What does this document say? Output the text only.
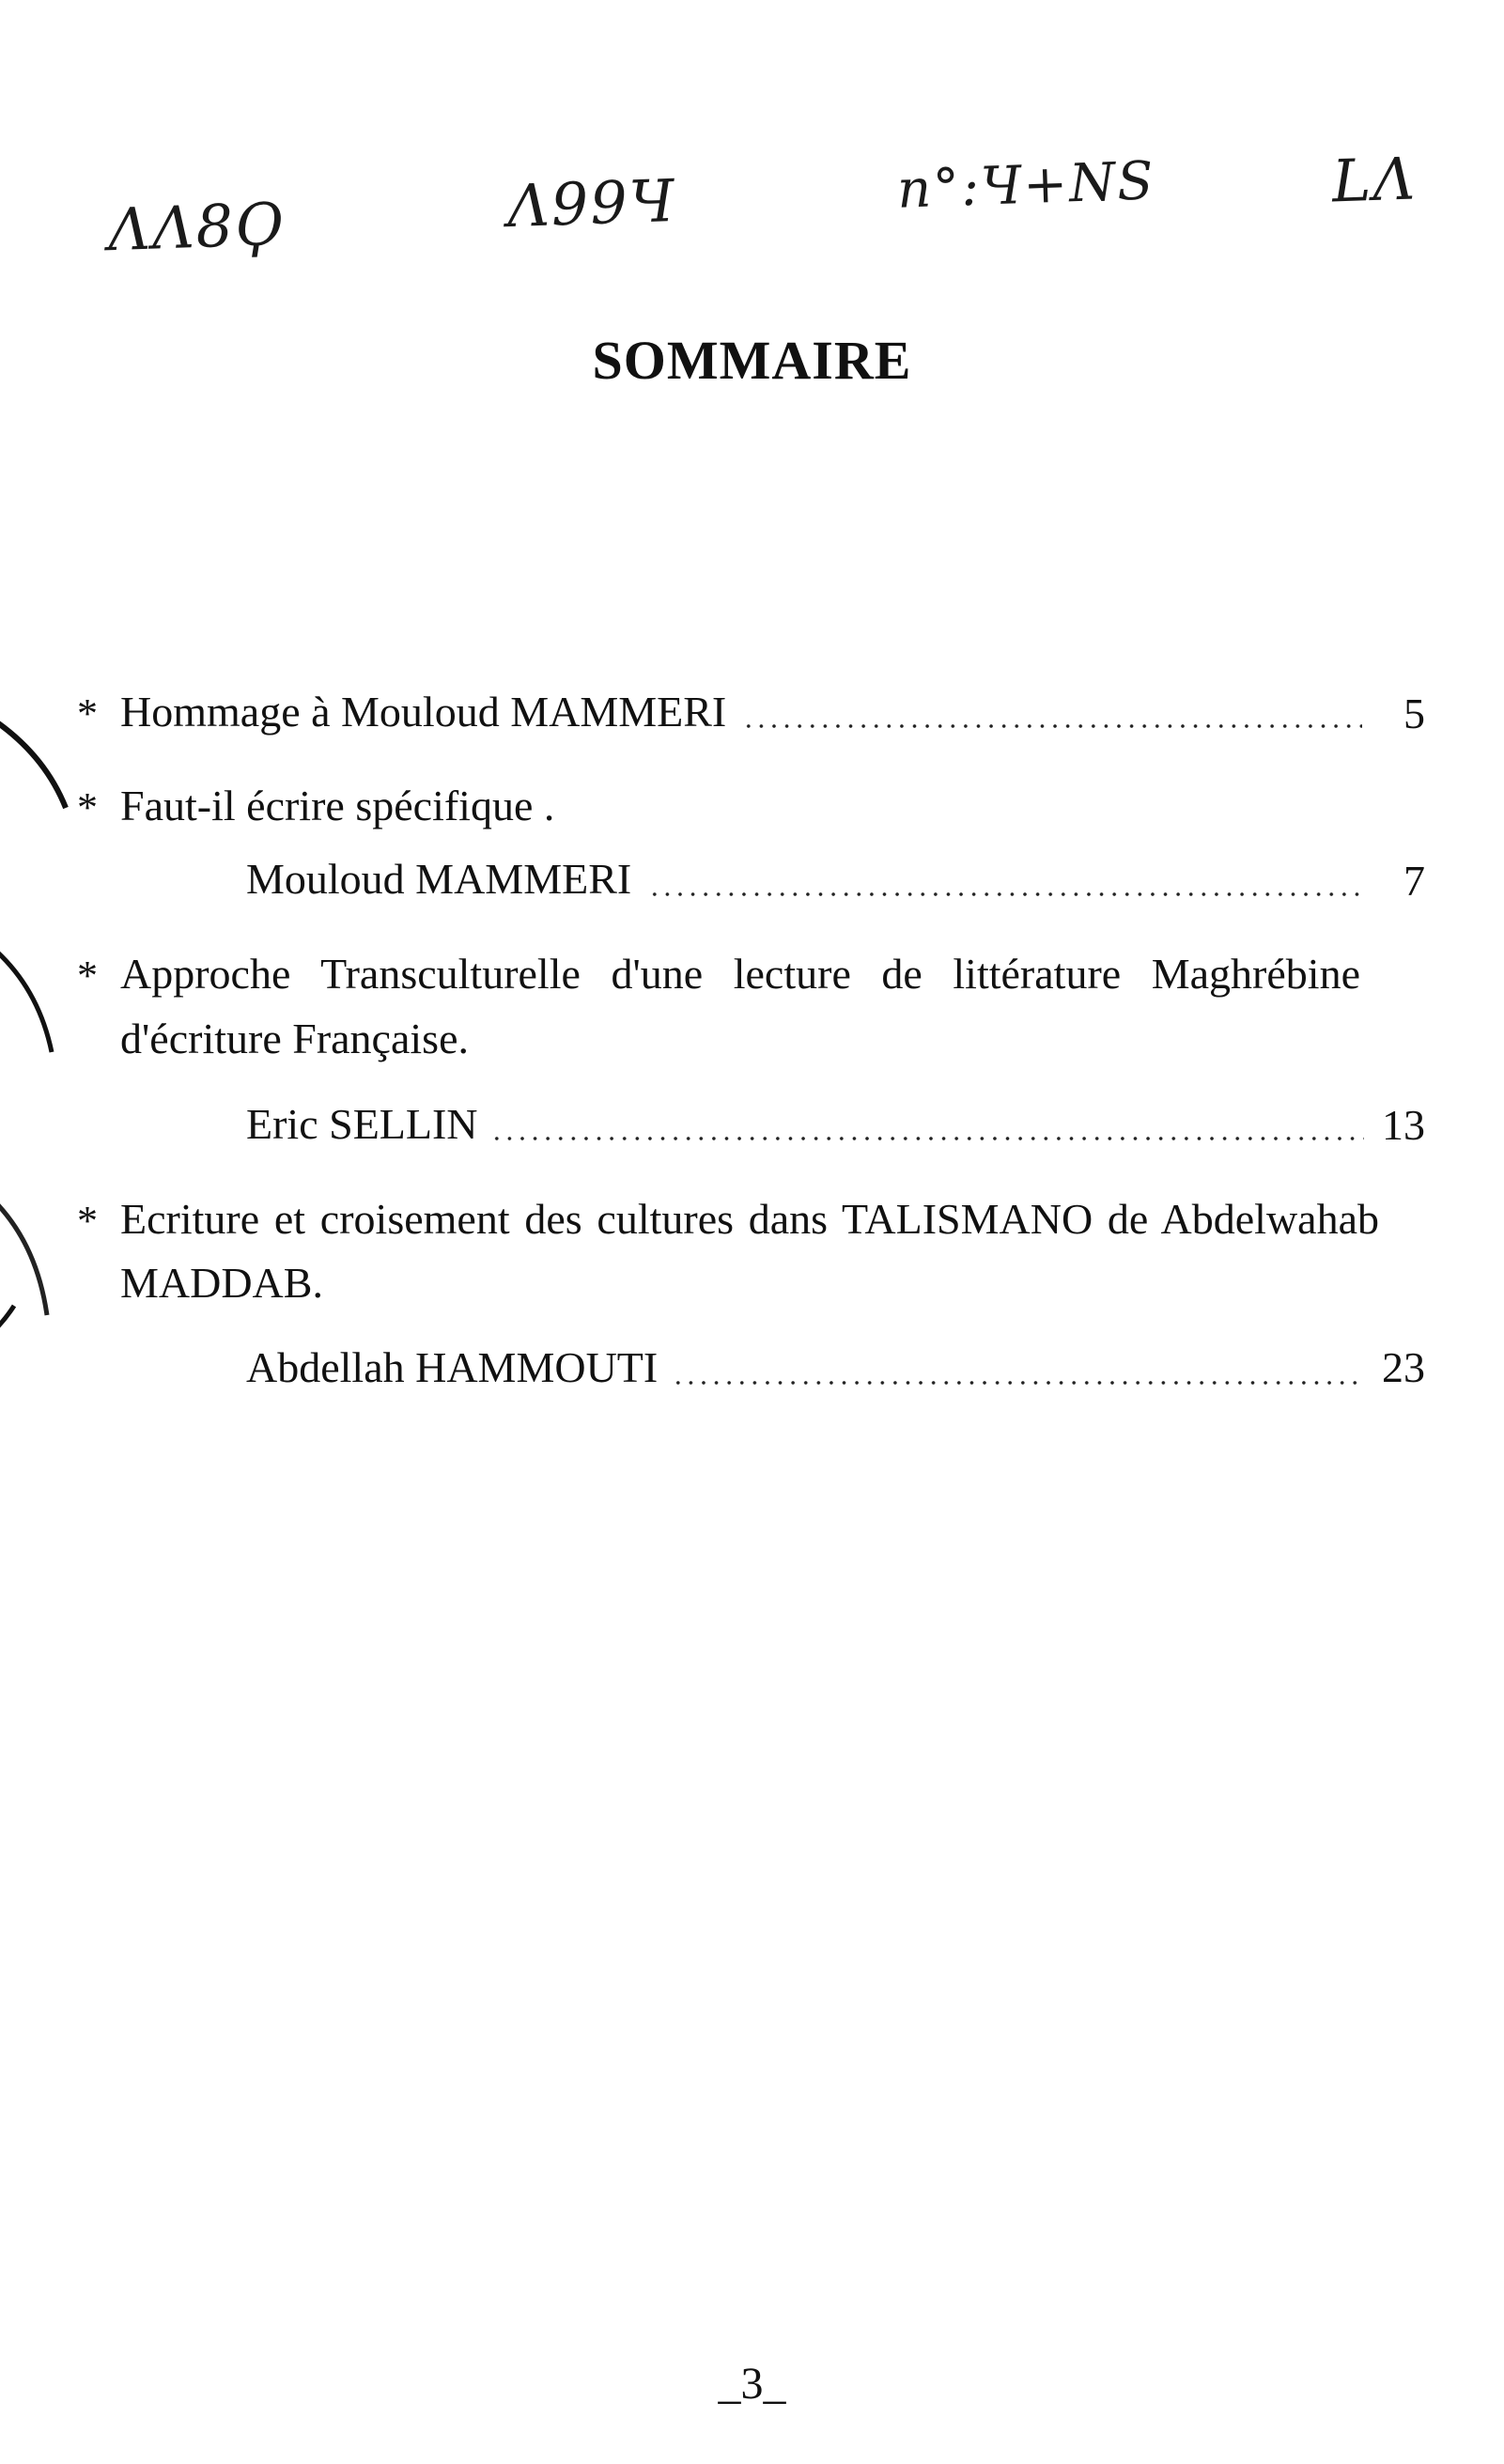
ΛΛ8Ϙ	Λ99Ч	n°:Ч+NS	LΛ
SOMMAIRE
* Hommage à Mouloud MAMMERI	5
* Faut-il écrire spécifique .
Mouloud MAMMERI	7
* Approche Transculturelle d'une lecture de littérature Maghrébine
d'écriture Française.
Eric SELLIN	13
* Ecriture et croisement des cultures dans TALISMANO de Abdelwahab
MADDAB.
Abdellah HAMMOUTI	23
_3_
